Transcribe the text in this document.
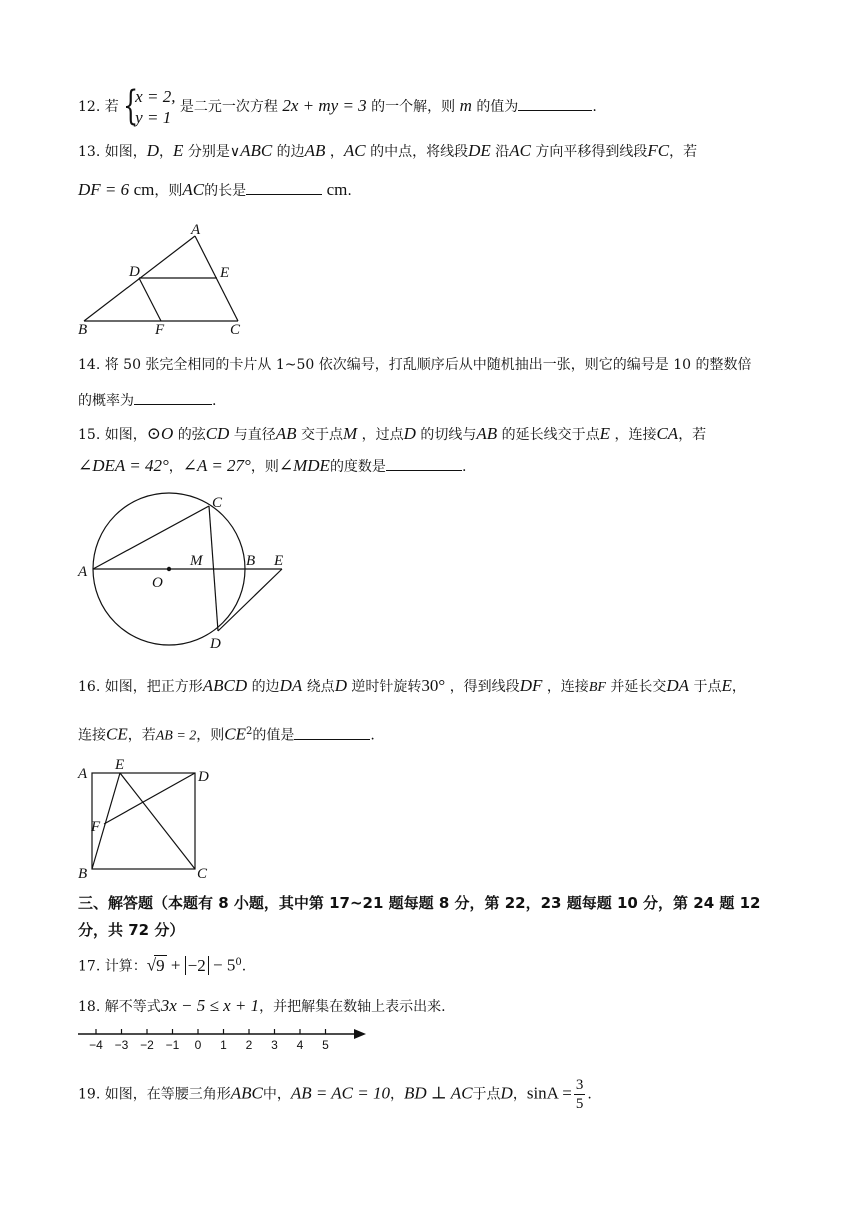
12. 若 {
x = 2,
y = 1
是二元一次方程 2x + my = 3 的一个解，则 m 的值为	.
13. 如图，D，E 分别是∨ABC 的边AB ，AC 的中点，将线段DE 沿AC 方向平移得到线段FC，若
DF = 6 cm，则AC的长是	cm.
A
D	E
B	F	C
14. 将 50 张完全相同的卡片从 1~50 依次编号，打乱顺序后从中随机抽出一张，则它的编号是 10 的整数倍
的概率为	.
15. 如图，⊙O 的弦CD 与直径AB 交于点M ，过点D 的切线与AB 的延长线交于点E ，连接CA，若
∠DEA = 42°，∠A = 27°，则∠MDE的度数是	.
C
A
O
M	B E
D
16. 如图，把正方形ABCD 的边DA 绕点D 逆时针旋转30° ，得到线段DF ，连接BF 并延长交DA 于点E，
连接CE，若AB = 2，则$CE^2$的值是	.
A
E
D
F
B	C
三、解答题（本题有 8 小题，其中第 17~21 题每题 8 分，第 22，23 题每题 10 分，第 24 题 12
分，共 72 分）
17. 计算：$√9 + -2 - 5^0$.
18. 解不等式3x − 5 ≤ x + 1，并把解集在数轴上表示出来.
−4 −3 −2 −1 0 1 2 3 4 5
19. 如图，在等腰三角形ABC中，AB = AC = 10，BD ⊥ AC于点D，$\sin A = \frac{3}{5}$ .
